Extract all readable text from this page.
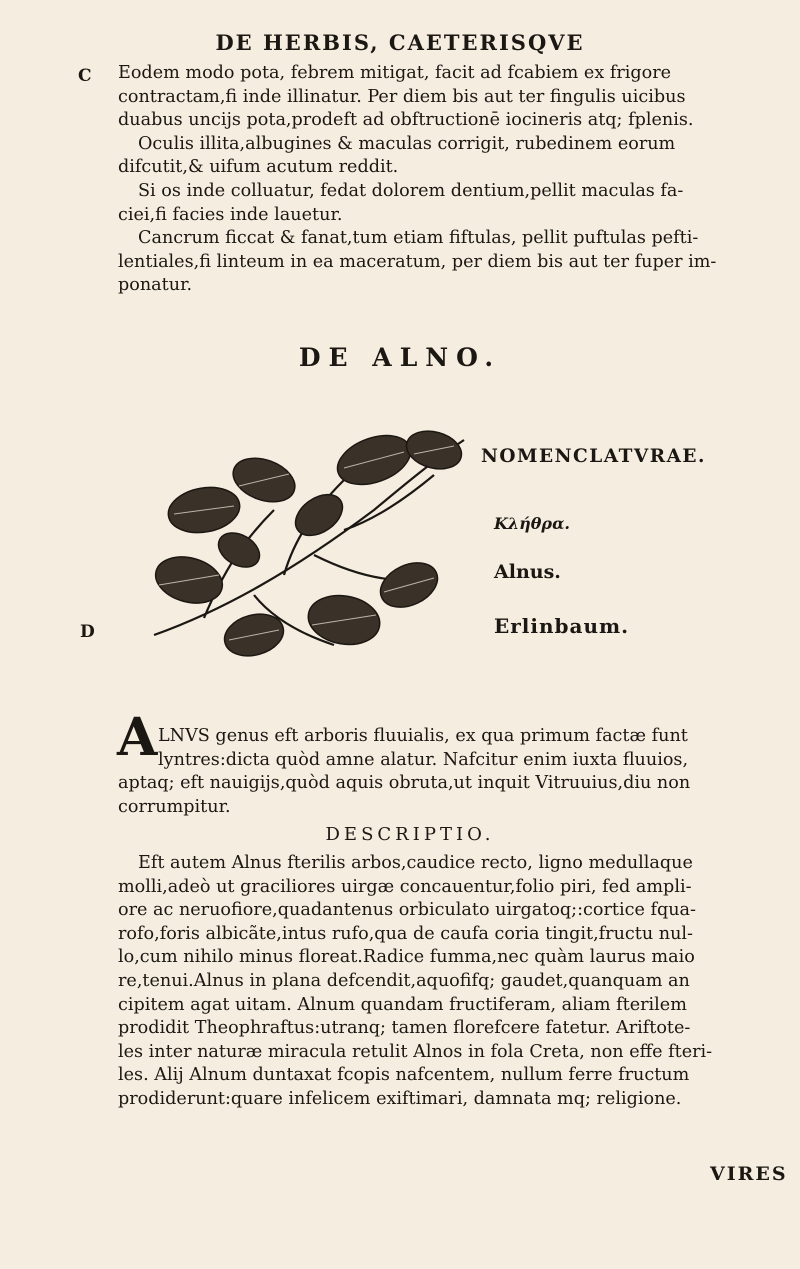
DE HERBIS, CAETERISQVE
C Eodem modo pota, febrem mitigat, facit ad fcabiem ex frigore
contractam,fi inde illinatur. Per diem bis aut ter fingulis uicibus
duabus uncijs pota,prodeft ad obftructionē iocineris atq; fplenis.
Oculis illita,albugines & maculas corrigit, rubedinem eorum
difcutit,& uifum acutum reddit.
Si os inde colluatur, fedat dolorem dentium,pellit maculas fa-
ciei,fi facies inde lauetur.
Cancrum ficcat & fanat,tum etiam fiftulas, pellit puftulas pefti-
lentiales,fi linteum in ea maceratum, per diem bis aut ter fuper im-
ponatur.

DE ALNO.
NOMENCLATVRAE.
Κλήθρα.
Alnus.
Erlinbaum.
D
A LNVS genus eft arboris fluuialis, ex qua primum factæ funt
lyntres:dicta quòd amne alatur. Nafcitur enim iuxta fluuios,
aptaq; eft nauigijs,quòd aquis obruta,ut inquit Vitruuius,diu non
corrumpitur.
DESCRIPTIO.
Eft autem Alnus fterilis arbos,caudice recto, ligno medullaque
molli,adeò ut graciliores uirgæ concauentur,folio piri, fed ampli-
ore ac neruofiore,quadantenus orbiculato uirgatoq;:cortice fqua-
rofo,foris albicãte,intus rufo,qua de caufa coria tingit,fructu nul-
lo,cum nihilo minus floreat.Radice fumma,nec quàm laurus maio
re,tenui.Alnus in plana defcendit,aquofifq; gaudet,quanquam an
cipitem agat uitam. Alnum quandam fructiferam, aliam fterilem
prodidit Theophraftus:utranq; tamen florefcere fatetur. Ariftote-
les inter naturæ miracula retulit Alnos in fola Creta, non effe fteri-
les. Alij Alnum duntaxat fcopis nafcentem, nullum ferre fructum
prodiderunt:quare infelicem exiftimari, damnata mq; religione.
VIRES
